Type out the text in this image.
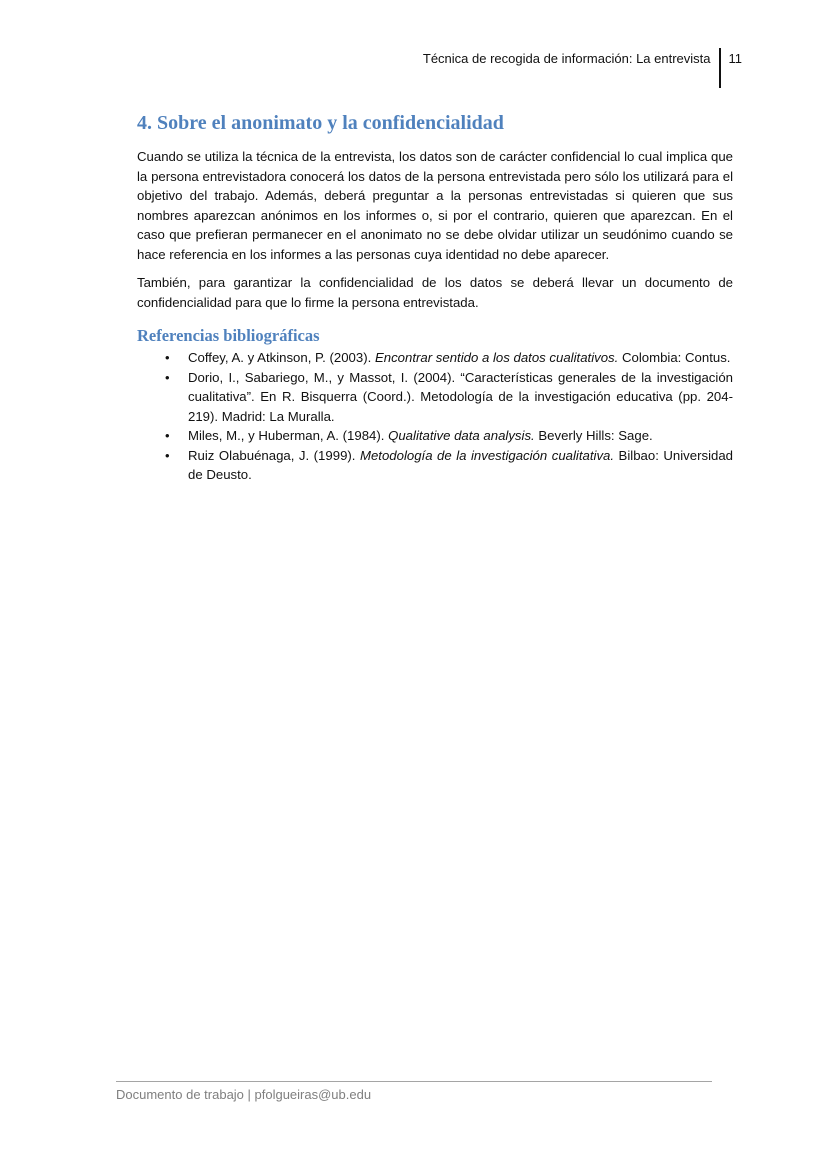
Técnica de recogida de información: La entrevista	11
4. Sobre el anonimato y la confidencialidad

Cuando se utiliza la técnica de la entrevista, los datos son de carácter confidencial lo cual implica que la persona entrevistadora conocerá los datos de la persona entrevistada pero sólo los utilizará para el objetivo del trabajo. Además, deberá preguntar a la personas entrevistadas si quieren que sus nombres aparezcan anónimos en los informes o, si por el contrario, quieren que aparezcan. En el caso que prefieran permanecer en el anonimato no se debe olvidar utilizar un seudónimo cuando se hace referencia en los informes a las personas cuya identidad no debe aparecer.

También, para garantizar la confidencialidad de los datos se deberá llevar un documento de confidencialidad para que lo firme la persona entrevistada.

Referencias bibliográficas
• Coffey, A. y Atkinson, P. (2003). Encontrar sentido a los datos cualitativos. Colombia: Contus.
• Dorio, I., Sabariego, M., y Massot, I. (2004). “Características generales de la investigación cualitativa”. En R. Bisquerra (Coord.). Metodología de la investigación educativa (pp. 204-219). Madrid: La Muralla.
• Miles, M., y Huberman, A. (1984). Qualitative data analysis. Beverly Hills: Sage.
• Ruiz Olabuénaga, J. (1999). Metodología de la investigación cualitativa. Bilbao: Universidad de Deusto.
Documento de trabajo | pfolgueiras@ub.edu
